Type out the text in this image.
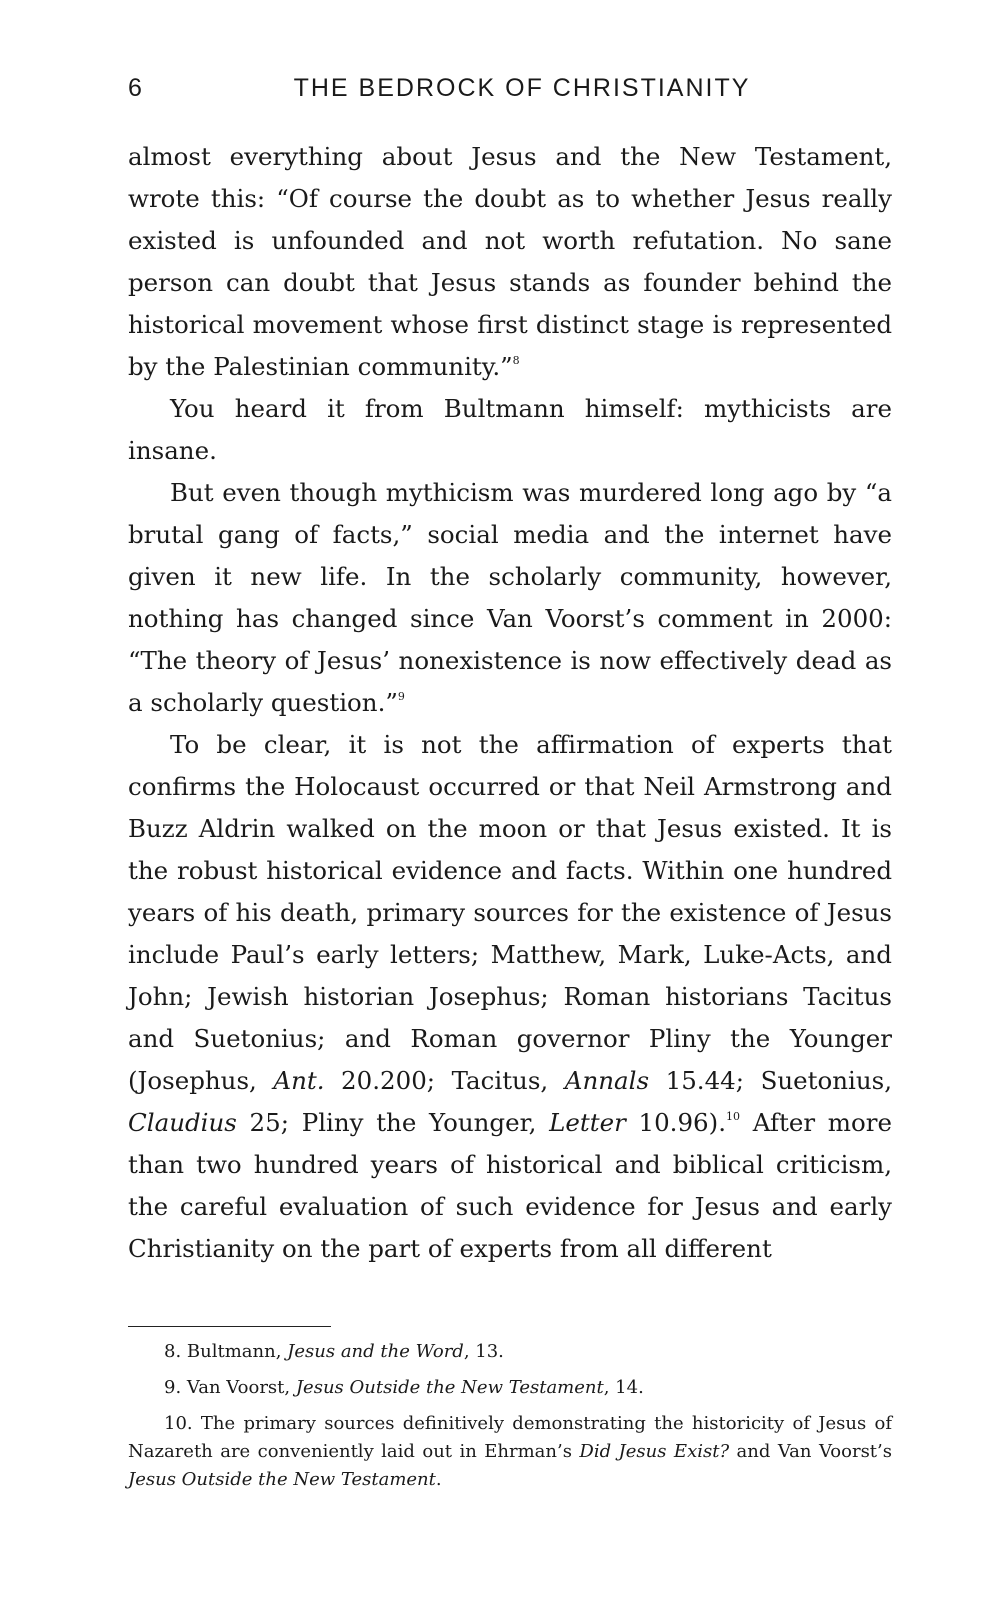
6	THE BEDROCK OF CHRISTIANITY

almost everything about Jesus and the New Testament, wrote this: “Of course the doubt as to whether Jesus really existed is unfounded and not worth refutation. No sane person can doubt that Jesus stands as founder behind the historical movement whose first distinct stage is represented by the Palestinian community.”$^8$

You heard it from Bultmann himself: mythicists are insane.

But even though mythicism was murdered long ago by “a brutal gang of facts,” social media and the internet have given it new life. In the scholarly community, however, nothing has changed since Van Voorst’s comment in 2000: “The theory of Jesus’ nonexistence is now effectively dead as a scholarly question.”$^9$

To be clear, it is not the affirmation of experts that confirms the Holocaust occurred or that Neil Armstrong and Buzz Aldrin walked on the moon or that Jesus existed. It is the robust historical evidence and facts. Within one hundred years of his death, primary sources for the existence of Jesus include Paul’s early letters; Matthew, Mark, Luke-Acts, and John; Jewish historian Josephus; Roman historians Tacitus and Suetonius; and Roman governor Pliny the Younger (Josephus, Ant. 20.200; Tacitus, Annals 15.44; Suetonius, Claudius 25; Pliny the Younger, Letter 10.96).$^{10}$ After more than two hundred years of historical and biblical criticism, the careful evaluation of such evidence for Jesus and early Christianity on the part of experts from all different

8. Bultmann, Jesus and the Word, 13.

9. Van Voorst, Jesus Outside the New Testament, 14.

10. The primary sources definitively demonstrating the historicity of Jesus of Nazareth are conveniently laid out in Ehrman’s Did Jesus Exist? and Van Voorst’s Jesus Outside the New Testament.
